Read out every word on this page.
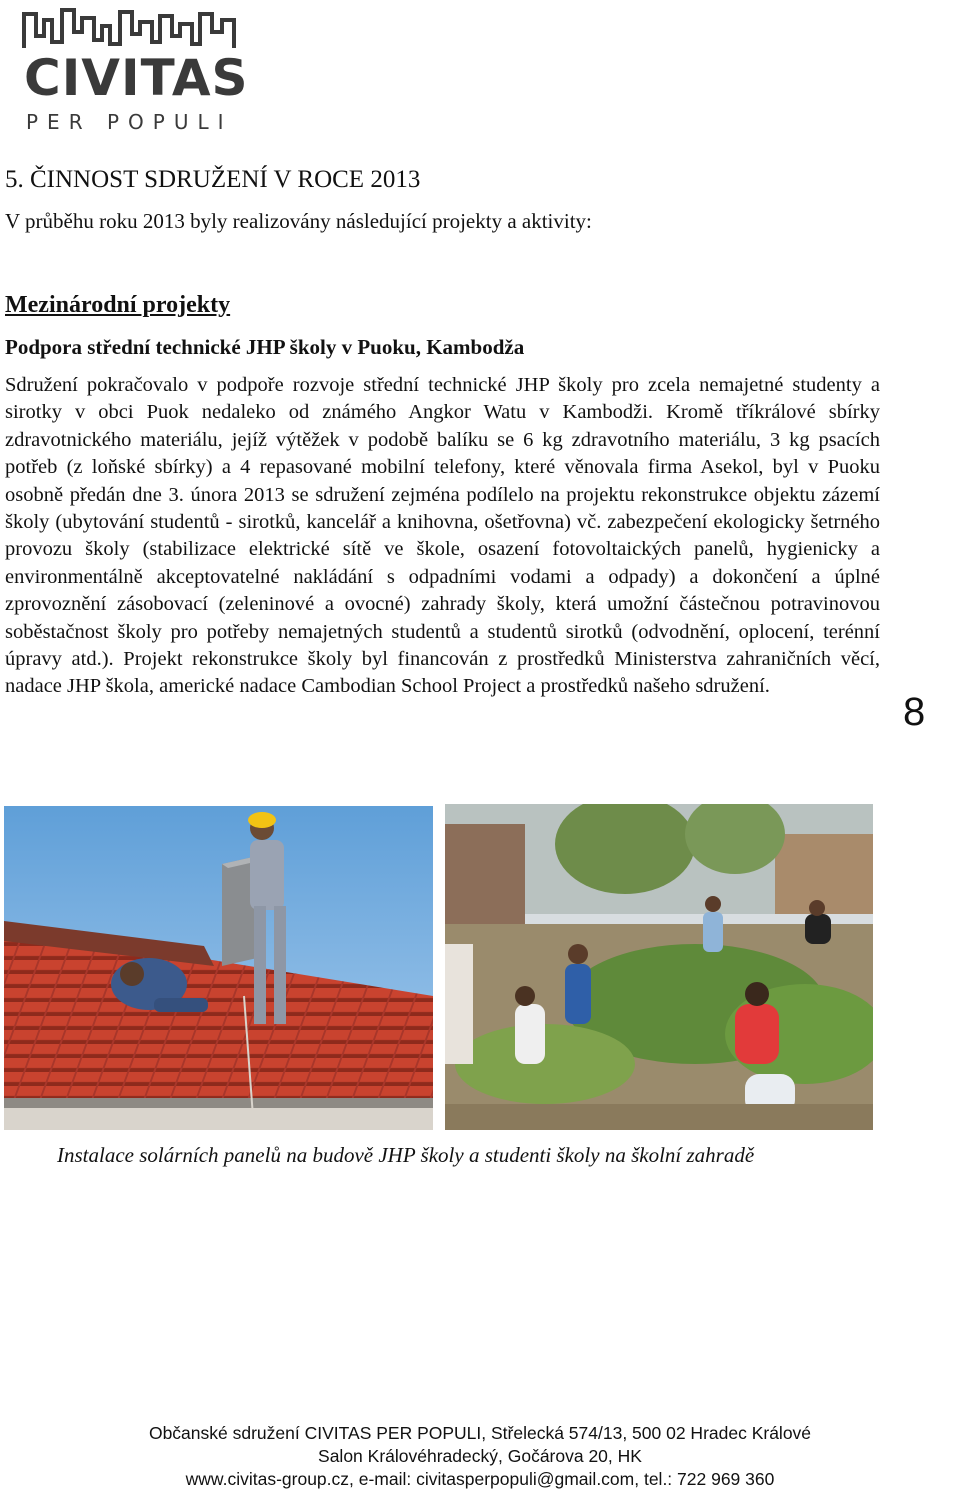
CIVITAS
PER POPULI
5. ČINNOST SDRUŽENÍ V ROCE 2013
V průběhu roku 2013 byly realizovány následující projekty a aktivity:
Mezinárodní projekty
Podpora střední technické JHP školy v Puoku, Kambodža

Sdružení pokračovalo v podpoře rozvoje střední technické JHP školy pro zcela nemajetné studenty a sirotky v obci Puok nedaleko od známého Angkor Watu v Kambodži. Kromě tříkrálové sbírky zdravotnického materiálu, jejíž výtěžek v podobě balíku se 6 kg zdravotního materiálu, 3 kg psacích potřeb (z loňské sbírky) a 4 repasované mobilní telefony, které věnovala firma Asekol, byl v Puoku osobně předán dne 3. února 2013 se sdružení zejména podílelo na projektu rekonstrukce objektu zázemí školy (ubytování studentů - sirotků, kancelář a knihovna, ošetřovna) vč. zabezpečení ekologicky šetrného provozu školy (stabilizace elektrické sítě ve škole, osazení fotovoltaických panelů, hygienicky a environmentálně akceptovatelné nakládání s odpadními vodami a odpady) a dokončení a úplné zprovoznění zásobovací (zeleninové a ovocné) zahrady školy, která umožní částečnou potravinovou soběstačnost školy pro potřeby nemajetných studentů a studentů sirotků (odvodnění, oplocení, terénní úpravy atd.). Projekt rekonstrukce školy byl financován z prostředků Ministerstva zahraničních věcí, nadace JHP škola, americké nadace Cambodian School Project a prostředků našeho sdružení.

8
Instalace solárních panelů na budově JHP školy a studenti školy na školní zahradě
Občanské sdružení CIVITAS PER POPULI, Střelecká 574/13, 500 02 Hradec Králové
Salon Královéhradecký, Gočárova 20, HK
www.civitas-group.cz, e-mail: civitasperpopuli@gmail.com, tel.: 722 969 360
